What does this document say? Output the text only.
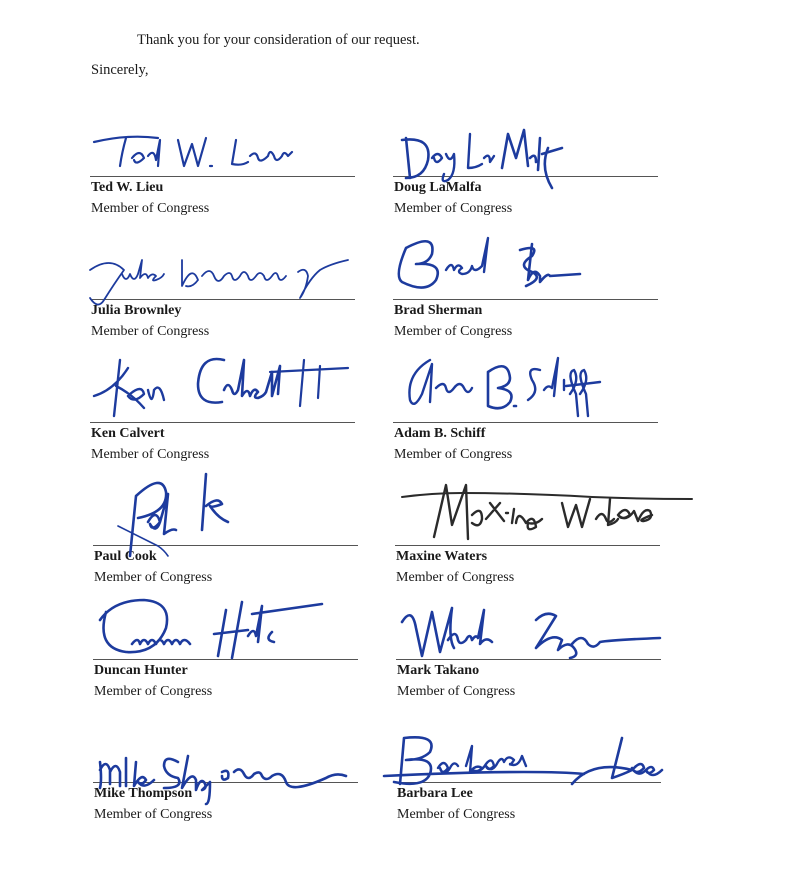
Thank you for your consideration of our request.
Sincerely,
Ted W. Lieu
Member of Congress
Doug LaMalfa
Member of Congress
Julia Brownley
Member of Congress
Brad Sherman
Member of Congress
Ken Calvert
Member of Congress
Adam B. Schiff
Member of Congress
Paul Cook
Member of Congress
Maxine Waters
Member of Congress
Duncan Hunter
Member of Congress
Mark Takano
Member of Congress
Mike Thompson
Member of Congress
Barbara Lee
Member of Congress
